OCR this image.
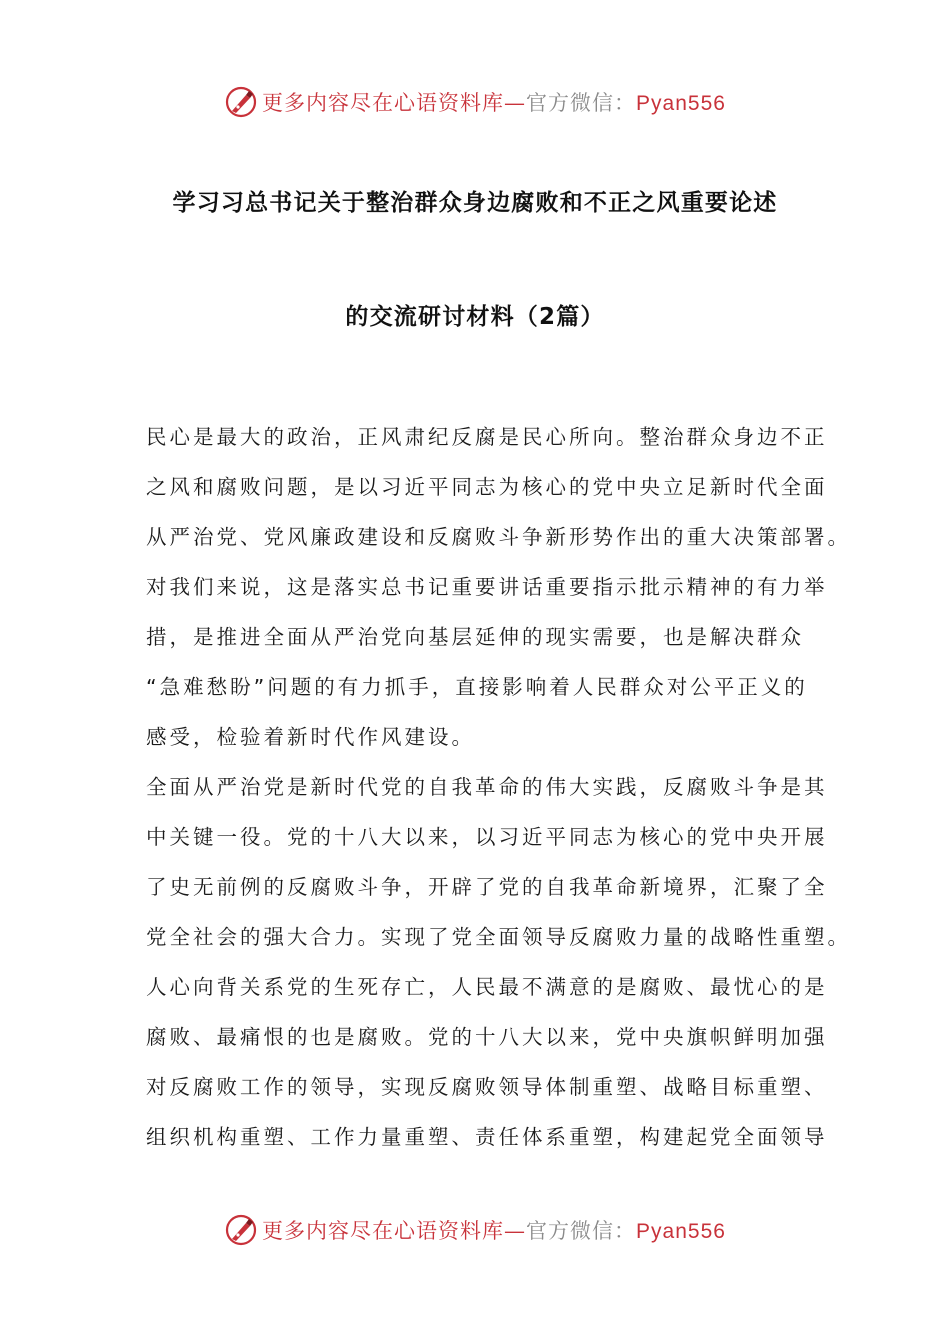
更多内容尽在心语资料库—官方微信：Pyan556
学习习总书记关于整治群众身边腐败和不正之风重要论述
的交流研讨材料（2篇）
民心是最大的政治，正风肃纪反腐是民心所向。整治群众身边不正
之风和腐败问题，是以习近平同志为核心的党中央立足新时代全面
从严治党、党风廉政建设和反腐败斗争新形势作出的重大决策部署。
对我们来说，这是落实总书记重要讲话重要指示批示精神的有力举
措，是推进全面从严治党向基层延伸的现实需要，也是解决群众
“急难愁盼”问题的有力抓手，直接影响着人民群众对公平正义的
感受，检验着新时代作风建设。
全面从严治党是新时代党的自我革命的伟大实践，反腐败斗争是其
中关键一役。党的十八大以来，以习近平同志为核心的党中央开展
了史无前例的反腐败斗争，开辟了党的自我革命新境界，汇聚了全
党全社会的强大合力。实现了党全面领导反腐败力量的战略性重塑。
人心向背关系党的生死存亡，人民最不满意的是腐败、最忧心的是
腐败、最痛恨的也是腐败。党的十八大以来，党中央旗帜鲜明加强
对反腐败工作的领导，实现反腐败领导体制重塑、战略目标重塑、
组织机构重塑、工作力量重塑、责任体系重塑，构建起党全面领导
更多内容尽在心语资料库—官方微信：Pyan556
